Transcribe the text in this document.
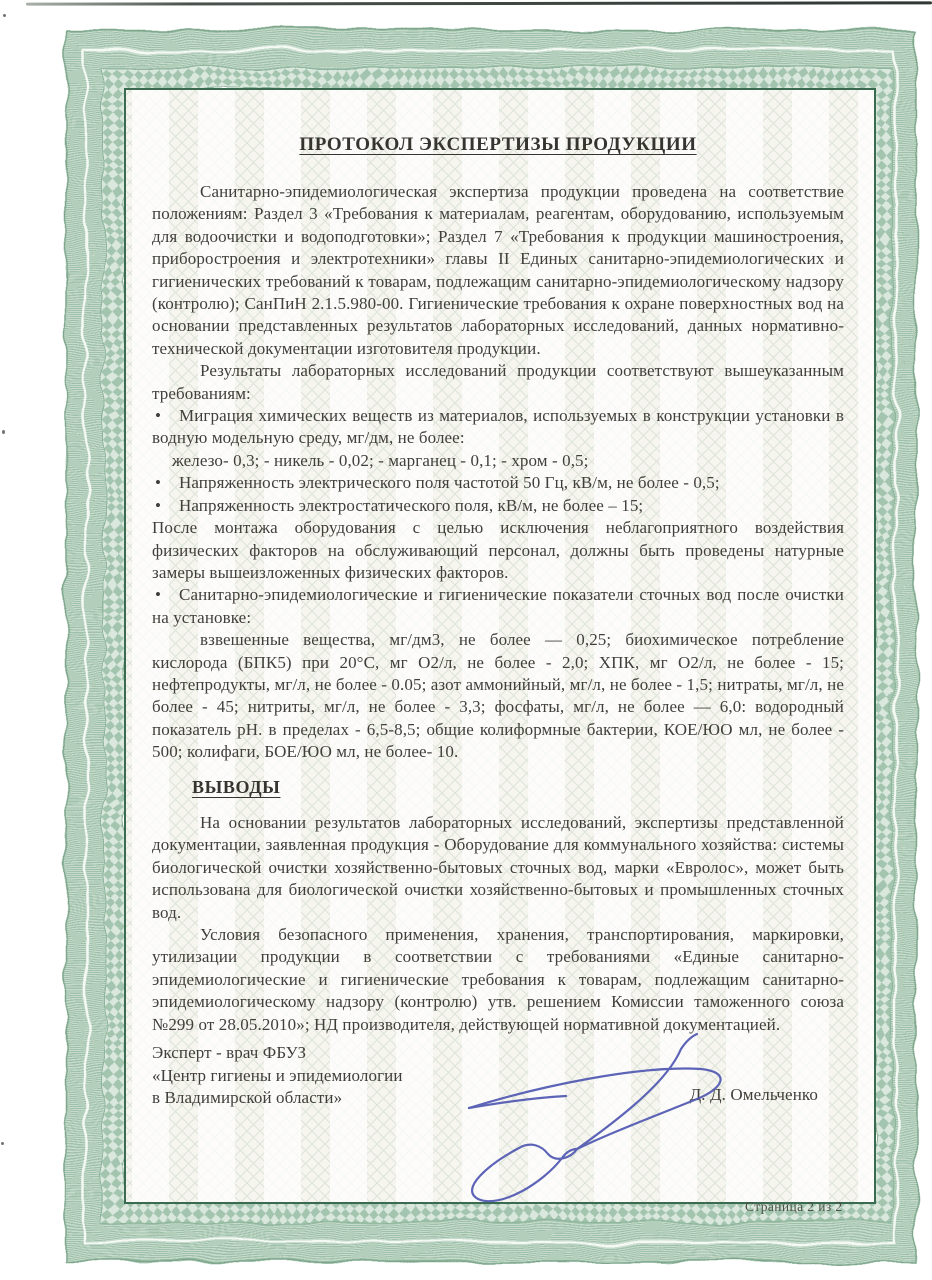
ПРОТОКОЛ ЭКСПЕРТИЗЫ ПРОДУКЦИИ

Санитарно-эпидемиологическая экспертиза продукции проведена на соответствие положениям: Раздел 3 «Требования к материалам, реагентам, оборудованию, используемым для водоочистки и водоподготовки»; Раздел 7 «Требования к продукции машиностроения, приборостроения и электротехники» главы II Единых санитарно-эпидемиологических и гигиенических требований к товарам, подлежащим санитарно-эпидемиологическому надзору (контролю); СанПиН 2.1.5.980-00. Гигиенические требования к охране поверхностных вод на основании представленных результатов лабораторных исследований, данных нормативно-технической документации изготовителя продукции.

Результаты лабораторных исследований продукции соответствуют вышеуказанным требованиям:

• Миграция химических веществ из материалов, используемых в конструкции установки в водную модельную среду, мг/дм, не более:

железо- 0,3; - никель - 0,02; - марганец - 0,1; - хром - 0,5;

• Напряженность электрического поля частотой 50 Гц, кВ/м, не более - 0,5;

• Напряженность электростатического поля, кВ/м, не более – 15;

После монтажа оборудования с целью исключения неблагоприятного воздействия физических факторов на обслуживающий персонал, должны быть проведены натурные замеры вышеизложенных физических факторов.

• Санитарно-эпидемиологические и гигиенические показатели сточных вод после очистки на установке:

взвешенные вещества, мг/дм3, не более — 0,25; биохимическое потребление кислорода (БПК5) при 20°С, мг О2/л, не более - 2,0; ХПК, мг О2/л, не более - 15; нефтепродукты, мг/л, не более - 0.05; азот аммонийный, мг/л, не более - 1,5; нитраты, мг/л, не более - 45; нитриты, мг/л, не более - 3,3; фосфаты, мг/л, не более — 6,0: водородный показатель рН. в пределах - 6,5-8,5; общие колиформные бактерии, КОЕ/ЮО мл, не более - 500; колифаги, БОЕ/ЮО мл, не более- 10.

ВЫВОДЫ

На основании результатов лабораторных исследований, экспертизы представленной документации, заявленная продукция - Оборудование для коммунального хозяйства: системы биологической очистки хозяйственно-бытовых сточных вод, марки «Евролос», может быть использована для биологической очистки хозяйственно-бытовых и промышленных сточных вод.

Условия безопасного применения, хранения, транспортирования, маркировки, утилизации продукции в соответствии с требованиями «Единые санитарно-эпидемиологические и гигиенические требования к товарам, подлежащим санитарно-эпидемиологическому надзору (контролю) утв. решением Комиссии таможенного союза №299 от 28.05.2010»; НД производителя, действующей нормативной документацией.

Эксперт - врач ФБУЗ
«Центр гигиены и эпидемиологии
в Владимирской области»	Д. Д. Омельченко
Страница 2 из 2
